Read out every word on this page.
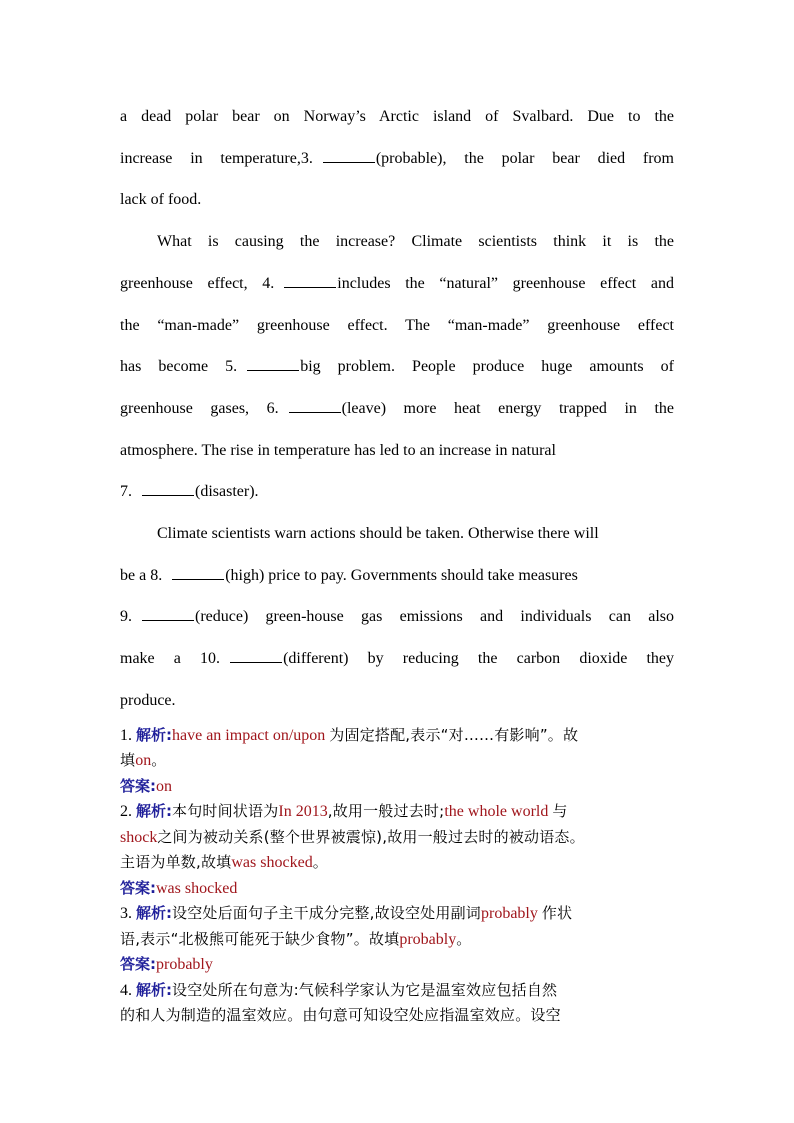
a dead polar bear on Norway’s Arctic island of Svalbard. Due to the
increase in temperature,3.	(probable), the polar bear died from
lack of food.
What is causing the increase? Climate scientists think it is the
greenhouse effect, 4.	includes the “natural” greenhouse effect and
the “man-made” greenhouse effect. The “man-made” greenhouse effect
has become 5.	big problem. People produce huge amounts of
greenhouse gases, 6.	(leave) more heat energy trapped in the
atmosphere. The rise in temperature has led to an increase in natural
7.	(disaster).
Climate scientists warn actions should be taken. Otherwise there will
be a 8.	(high) price to pay. Governments should take measures
9.	(reduce) green-house gas emissions and individuals can also
make a 10.	(different) by reducing the carbon dioxide they
produce.
1. 解析:have an impact on/upon 为固定搭配,表示“对……有影响”。故
填on。
答案:on
2. 解析:本句时间状语为In 2013,故用一般过去时;the whole world 与
shock之间为被动关系(整个世界被震惊),故用一般过去时的被动语态。
主语为单数,故填was shocked。
答案:was shocked
3. 解析:设空处后面句子主干成分完整,故设空处用副词probably 作状
语,表示“北极熊可能死于缺少食物”。故填probably。
答案:probably
4. 解析:设空处所在句意为:气候科学家认为它是温室效应包括自然
的和人为制造的温室效应。由句意可知设空处应指温室效应。设空
